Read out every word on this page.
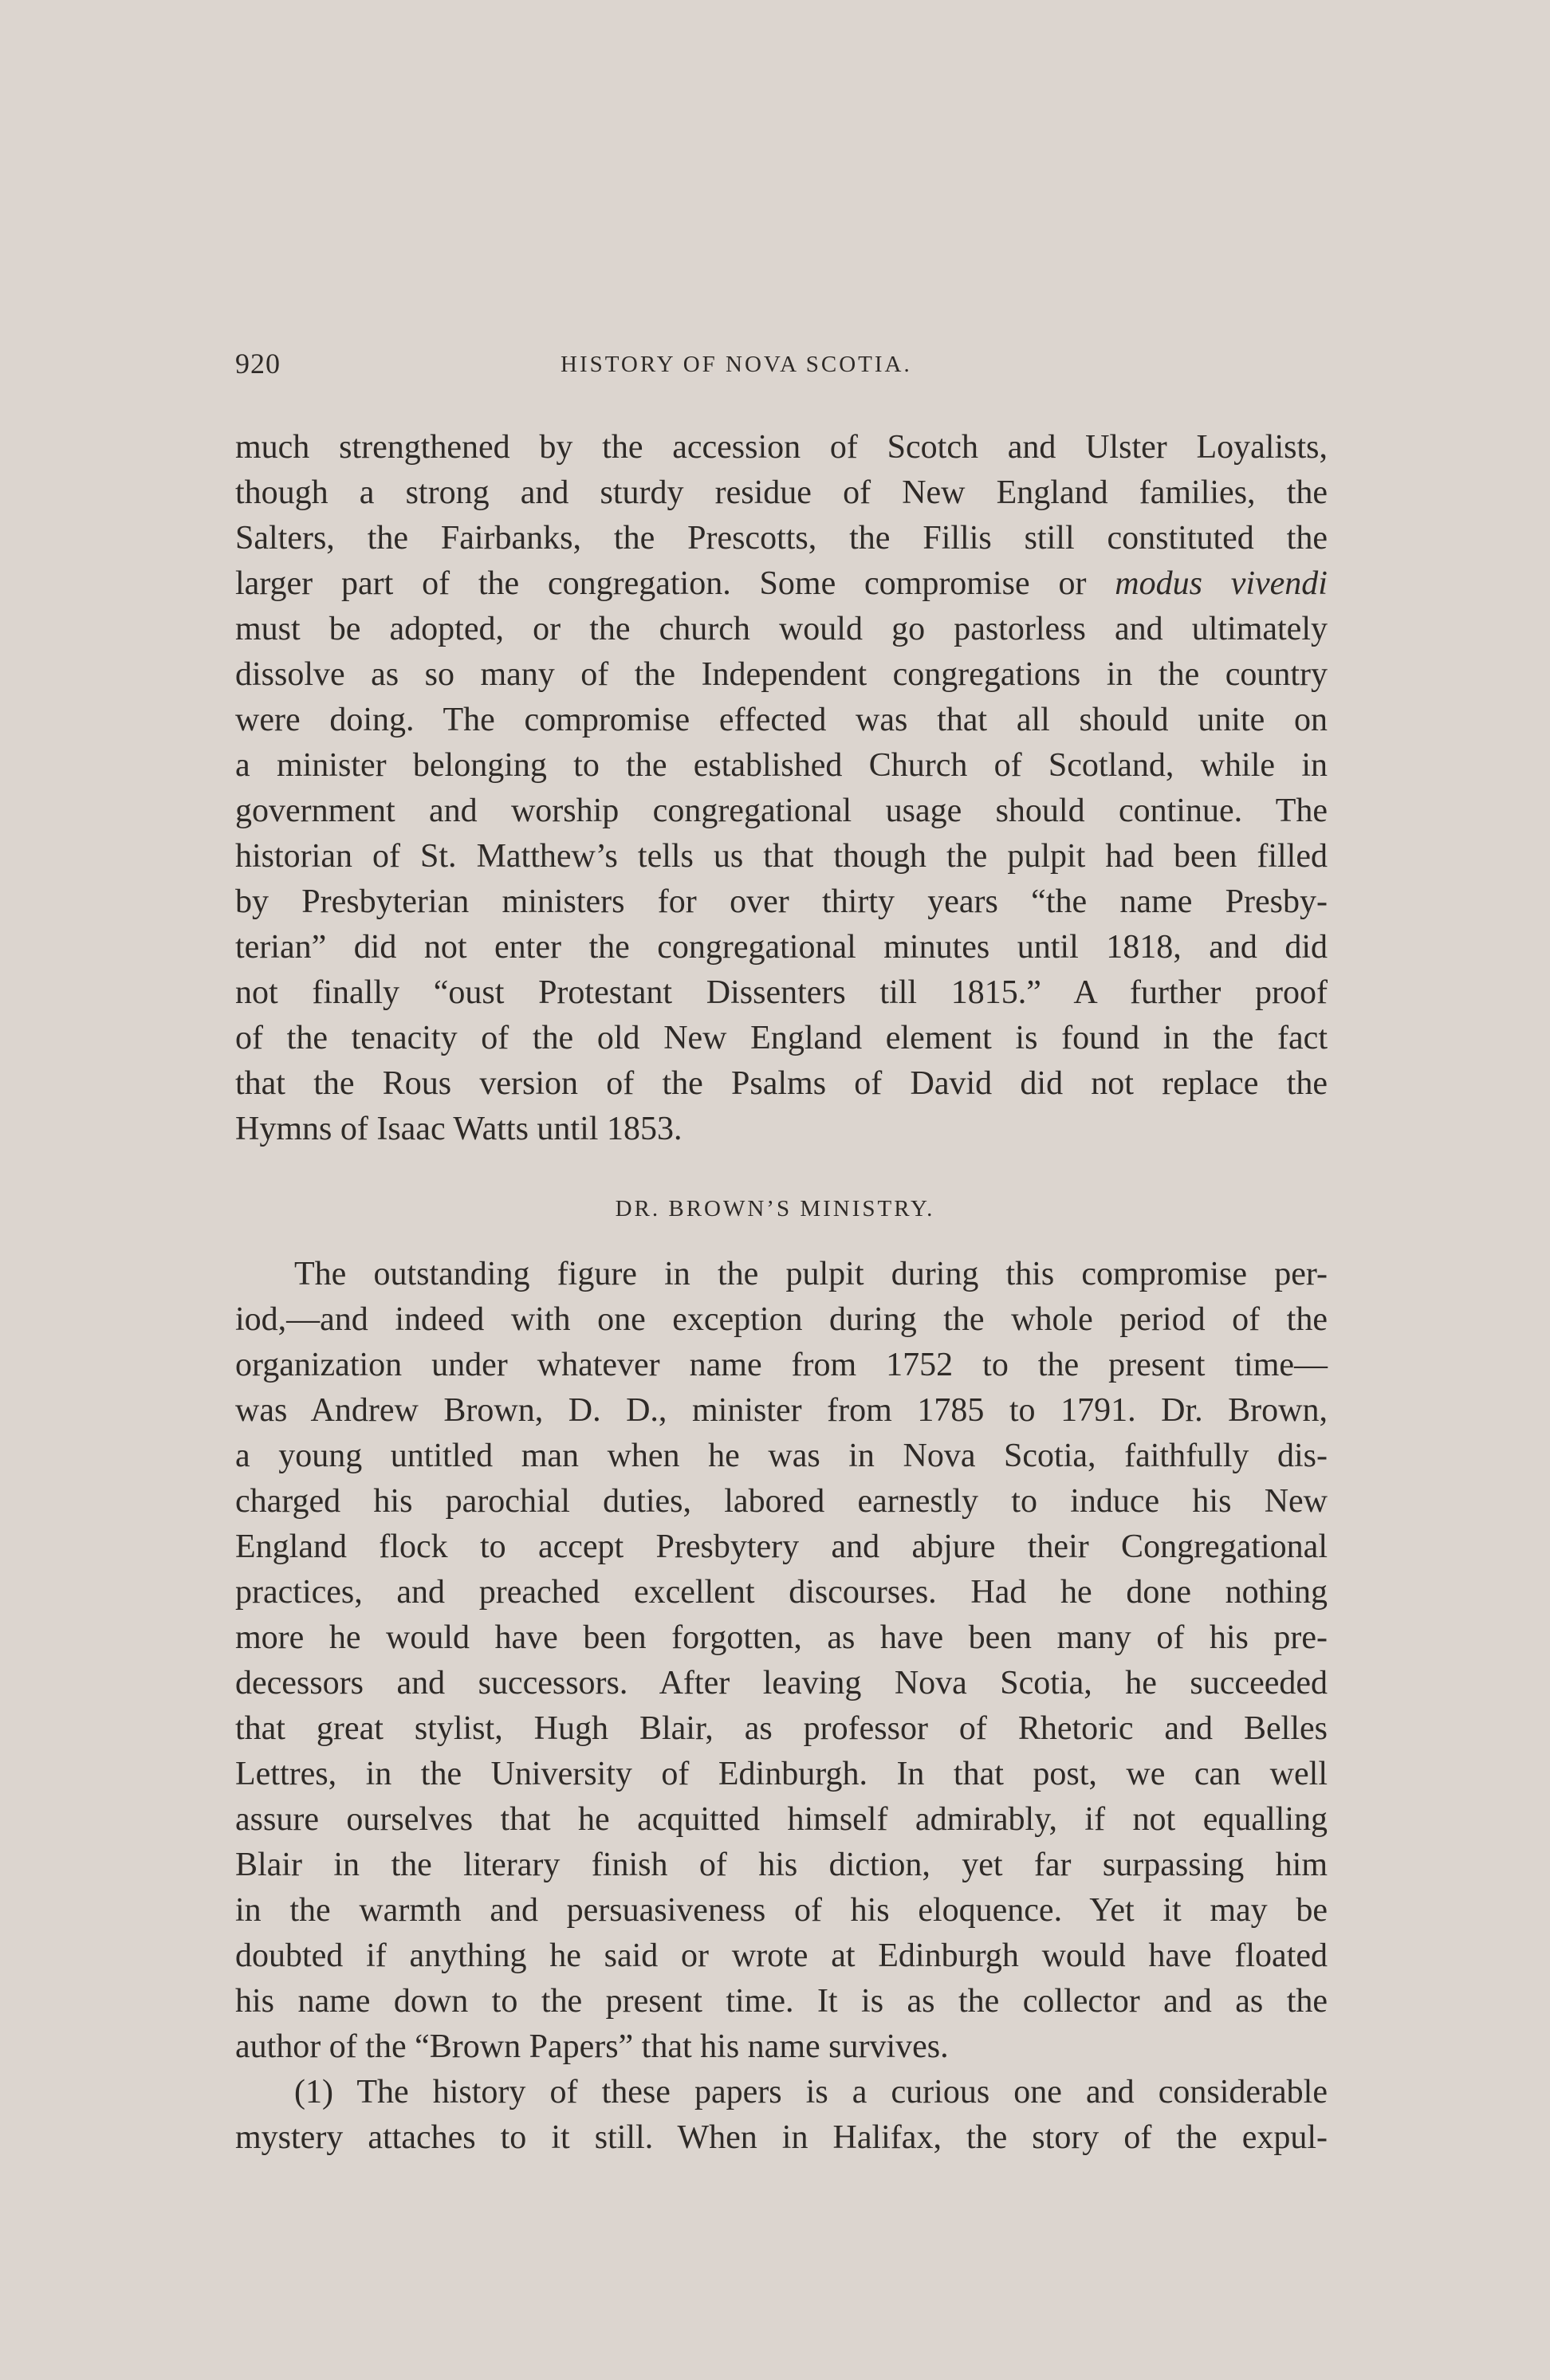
920	HISTORY OF NOVA SCOTIA.
much strengthened by the accession of Scotch and Ulster Loyalists,
though a strong and sturdy residue of New England families, the
Salters, the Fairbanks, the Prescotts, the Fillis still constituted the
larger part of the congregation. Some compromise or modus vivendi
must be adopted, or the church would go pastorless and ultimately
dissolve as so many of the Independent congregations in the country
were doing. The compromise effected was that all should unite on
a minister belonging to the established Church of Scotland, while in
government and worship congregational usage should continue. The
historian of St. Matthew’s tells us that though the pulpit had been filled
by Presbyterian ministers for over thirty years “the name Presby-
terian” did not enter the congregational minutes until 1818, and did
not finally “oust Protestant Dissenters till 1815.” A further proof
of the tenacity of the old New England element is found in the fact
that the Rous version of the Psalms of David did not replace the
Hymns of Isaac Watts until 1853.
DR. BROWN’S MINISTRY.
The outstanding figure in the pulpit during this compromise per-
iod,—and indeed with one exception during the whole period of the
organization under whatever name from 1752 to the present time—
was Andrew Brown, D. D., minister from 1785 to 1791. Dr. Brown,
a young untitled man when he was in Nova Scotia, faithfully dis-
charged his parochial duties, labored earnestly to induce his New
England flock to accept Presbytery and abjure their Congregational
practices, and preached excellent discourses. Had he done nothing
more he would have been forgotten, as have been many of his pre-
decessors and successors. After leaving Nova Scotia, he succeeded
that great stylist, Hugh Blair, as professor of Rhetoric and Belles
Lettres, in the University of Edinburgh. In that post, we can well
assure ourselves that he acquitted himself admirably, if not equalling
Blair in the literary finish of his diction, yet far surpassing him
in the warmth and persuasiveness of his eloquence. Yet it may be
doubted if anything he said or wrote at Edinburgh would have floated
his name down to the present time. It is as the collector and as the
author of the “Brown Papers” that his name survives.
(1) The history of these papers is a curious one and considerable
mystery attaches to it still. When in Halifax, the story of the expul-
